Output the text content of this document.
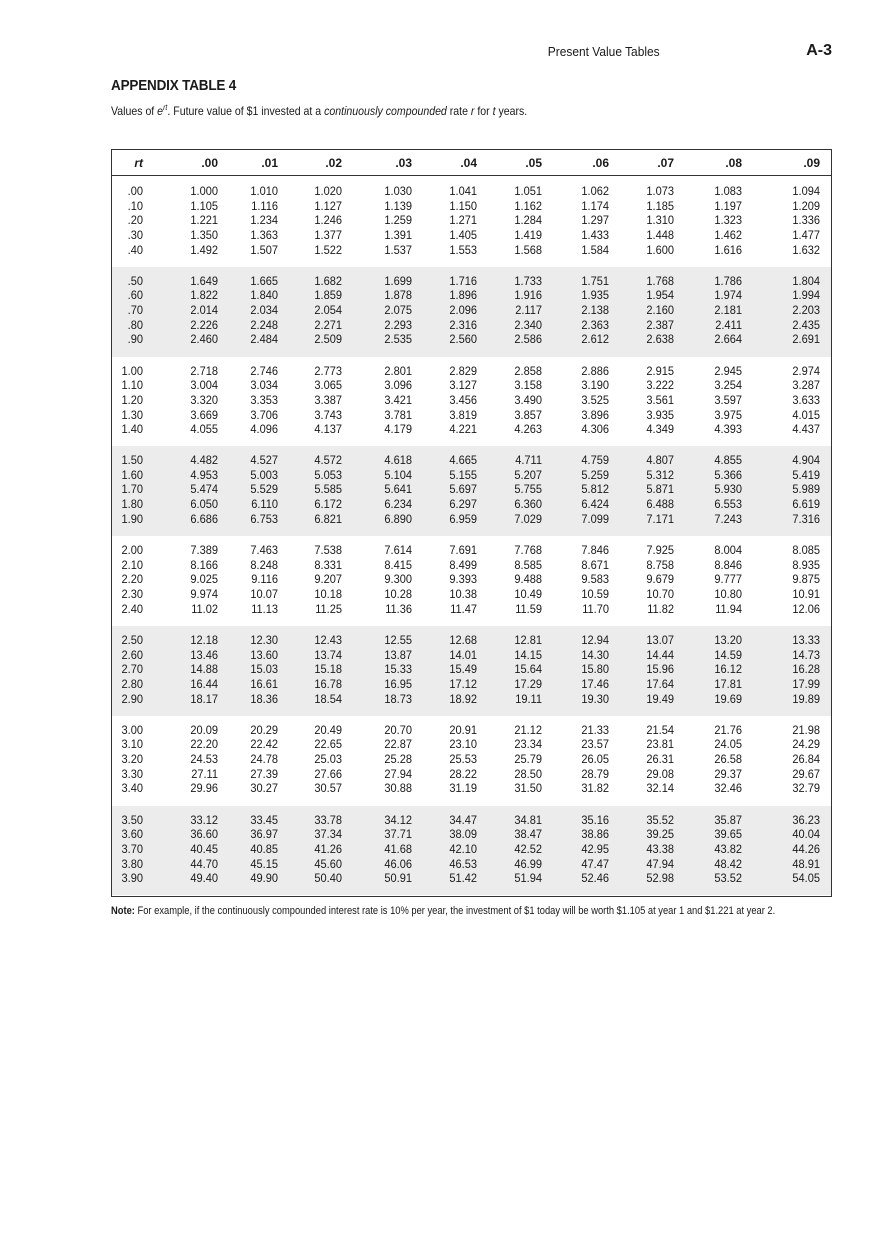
Present Value Tables	A-3
APPENDIX TABLE 4
Values of $e^{rt}$. Future value of $1 invested at a continuously compounded rate r for t years.
rt	.00	.01	.02	.03	.04	.05	.06	.07	.08	.09
.00	1.000	1.010	1.020	1.030	1.041	1.051	1.062	1.073	1.083	1.094
.10	1.105	1.116	1.127	1.139	1.150	1.162	1.174	1.185	1.197	1.209
.20	1.221	1.234	1.246	1.259	1.271	1.284	1.297	1.310	1.323	1.336
.30	1.350	1.363	1.377	1.391	1.405	1.419	1.433	1.448	1.462	1.477
.40	1.492	1.507	1.522	1.537	1.553	1.568	1.584	1.600	1.616	1.632
.50	1.649	1.665	1.682	1.699	1.716	1.733	1.751	1.768	1.786	1.804
.60	1.822	1.840	1.859	1.878	1.896	1.916	1.935	1.954	1.974	1.994
.70	2.014	2.034	2.054	2.075	2.096	2.117	2.138	2.160	2.181	2.203
.80	2.226	2.248	2.271	2.293	2.316	2.340	2.363	2.387	2.411	2.435
.90	2.460	2.484	2.509	2.535	2.560	2.586	2.612	2.638	2.664	2.691
1.00	2.718	2.746	2.773	2.801	2.829	2.858	2.886	2.915	2.945	2.974
1.10	3.004	3.034	3.065	3.096	3.127	3.158	3.190	3.222	3.254	3.287
1.20	3.320	3.353	3.387	3.421	3.456	3.490	3.525	3.561	3.597	3.633
1.30	3.669	3.706	3.743	3.781	3.819	3.857	3.896	3.935	3.975	4.015
1.40	4.055	4.096	4.137	4.179	4.221	4.263	4.306	4.349	4.393	4.437
1.50	4.482	4.527	4.572	4.618	4.665	4.711	4.759	4.807	4.855	4.904
1.60	4.953	5.003	5.053	5.104	5.155	5.207	5.259	5.312	5.366	5.419
1.70	5.474	5.529	5.585	5.641	5.697	5.755	5.812	5.871	5.930	5.989
1.80	6.050	6.110	6.172	6.234	6.297	6.360	6.424	6.488	6.553	6.619
1.90	6.686	6.753	6.821	6.890	6.959	7.029	7.099	7.171	7.243	7.316
2.00	7.389	7.463	7.538	7.614	7.691	7.768	7.846	7.925	8.004	8.085
2.10	8.166	8.248	8.331	8.415	8.499	8.585	8.671	8.758	8.846	8.935
2.20	9.025	9.116	9.207	9.300	9.393	9.488	9.583	9.679	9.777	9.875
2.30	9.974	10.07	10.18	10.28	10.38	10.49	10.59	10.70	10.80	10.91
2.40	11.02	11.13	11.25	11.36	11.47	11.59	11.70	11.82	11.94	12.06
2.50	12.18	12.30	12.43	12.55	12.68	12.81	12.94	13.07	13.20	13.33
2.60	13.46	13.60	13.74	13.87	14.01	14.15	14.30	14.44	14.59	14.73
2.70	14.88	15.03	15.18	15.33	15.49	15.64	15.80	15.96	16.12	16.28
2.80	16.44	16.61	16.78	16.95	17.12	17.29	17.46	17.64	17.81	17.99
2.90	18.17	18.36	18.54	18.73	18.92	19.11	19.30	19.49	19.69	19.89
3.00	20.09	20.29	20.49	20.70	20.91	21.12	21.33	21.54	21.76	21.98
3.10	22.20	22.42	22.65	22.87	23.10	23.34	23.57	23.81	24.05	24.29
3.20	24.53	24.78	25.03	25.28	25.53	25.79	26.05	26.31	26.58	26.84
3.30	27.11	27.39	27.66	27.94	28.22	28.50	28.79	29.08	29.37	29.67
3.40	29.96	30.27	30.57	30.88	31.19	31.50	31.82	32.14	32.46	32.79
3.50	33.12	33.45	33.78	34.12	34.47	34.81	35.16	35.52	35.87	36.23
3.60	36.60	36.97	37.34	37.71	38.09	38.47	38.86	39.25	39.65	40.04
3.70	40.45	40.85	41.26	41.68	42.10	42.52	42.95	43.38	43.82	44.26
3.80	44.70	45.15	45.60	46.06	46.53	46.99	47.47	47.94	48.42	48.91
3.90	49.40	49.90	50.40	50.91	51.42	51.94	52.46	52.98	53.52	54.05
Note: For example, if the continuously compounded interest rate is 10% per year, the investment of $1 today will be worth $1.105 at year 1 and $1.221 at year 2.
